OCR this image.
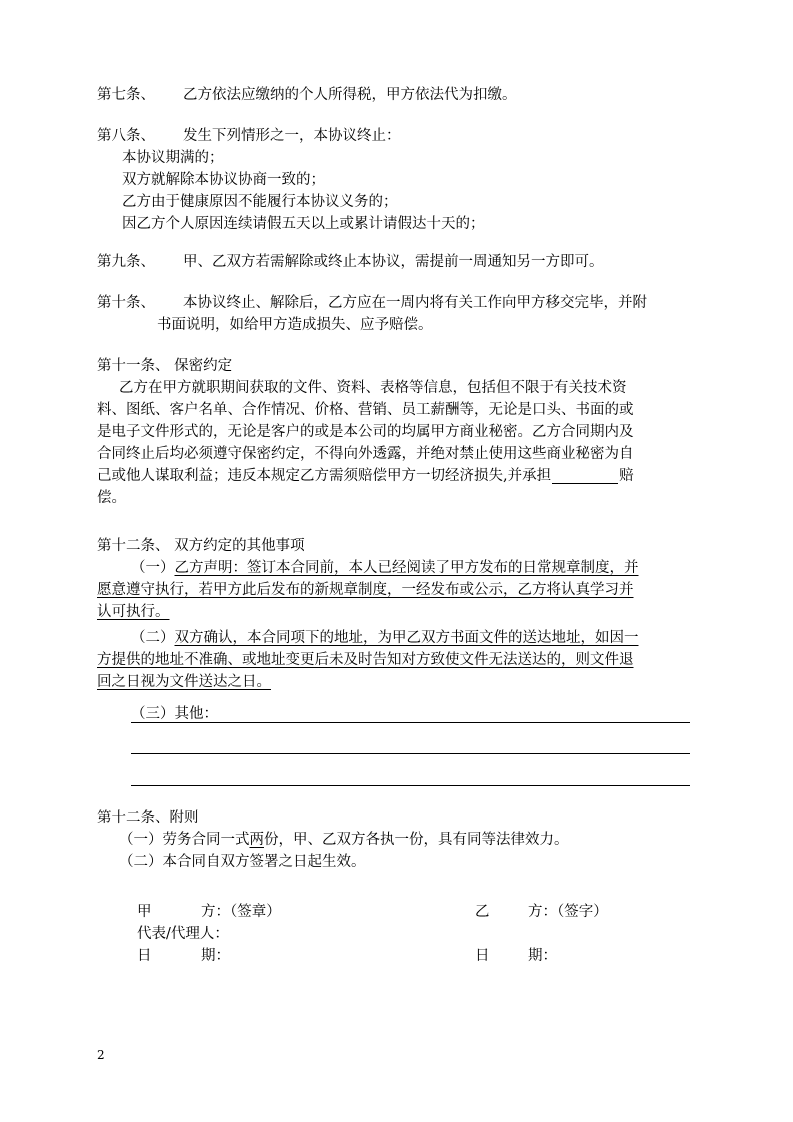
第七条、 乙方依法应缴纳的个人所得税，甲方依法代为扣缴。
第八条、 发生下列情形之一，本协议终止：
本协议期满的；
双方就解除本协议协商一致的；
乙方由于健康原因不能履行本协议义务的；
因乙方个人原因连续请假五天以上或累计请假达十天的；
第九条、 甲、乙双方若需解除或终止本协议，需提前一周通知另一方即可。
第十条、 本协议终止、解除后，乙方应在一周内将有关工作向甲方移交完毕，并附
书面说明，如给甲方造成损失、应予赔偿。
第十一条、 保密约定
乙方在甲方就职期间获取的文件、资料、表格等信息，包括但不限于有关技术资
料、图纸、客户名单、合作情况、价格、营销、员工薪酬等，无论是口头、书面的或
是电子文件形式的，无论是客户的或是本公司的均属甲方商业秘密。乙方合同期内及
合同终止后均必须遵守保密约定，不得向外透露，并绝对禁止使用这些商业秘密为自
己或他人谋取利益；违反本规定乙方需须赔偿甲方一切经济损失,并承担	赔
偿。
第十二条、 双方约定的其他事项
（一）乙方声明：签订本合同前，本人已经阅读了甲方发布的日常规章制度，并
愿意遵守执行，若甲方此后发布的新规章制度，一经发布或公示，乙方将认真学习并
认可执行。
（二）双方确认，本合同项下的地址，为甲乙双方书面文件的送达地址，如因一
方提供的地址不准确、或地址变更后未及时告知对方致使文件无法送达的，则文件退
回之日视为文件送达之日。
（三）其他：
第十二条、附则
（一）劳务合同一式两份，甲、乙双方各执一份，具有同等法律效力。
（二）本合同自双方签署之日起生效。
甲	方：（签章）	乙	方：（签字）
代表/代理人：
日	期：	日	期：
2
